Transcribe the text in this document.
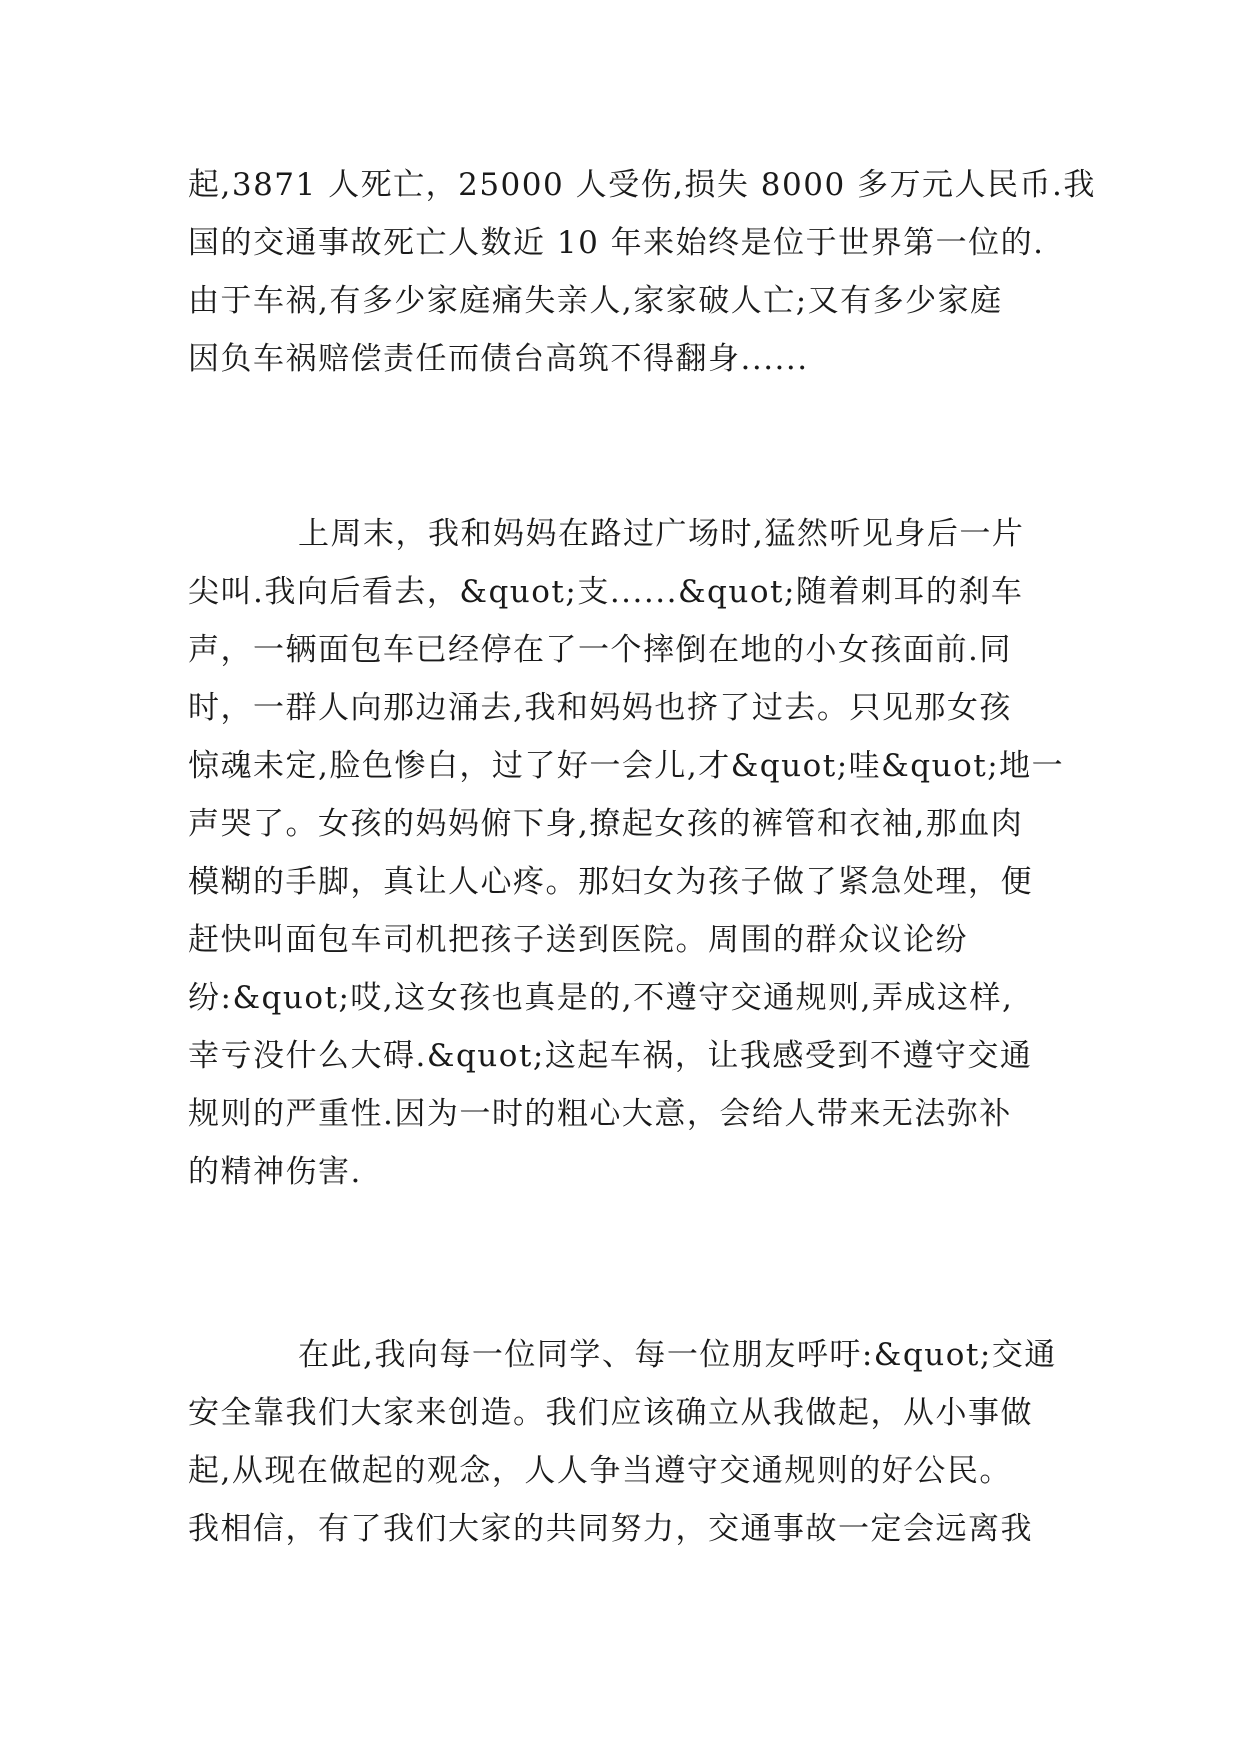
起,3871 人死亡，25000 人受伤,损失 8000 多万元人民币.我
国的交通事故死亡人数近 10 年来始终是位于世界第一位的.
由于车祸,有多少家庭痛失亲人,家家破人亡;又有多少家庭
因负车祸赔偿责任而债台高筑不得翻身......
上周末，我和妈妈在路过广场时,猛然听见身后一片
尖叫.我向后看去，&quot;支......&quot;随着刺耳的刹车
声，一辆面包车已经停在了一个摔倒在地的小女孩面前.同
时，一群人向那边涌去,我和妈妈也挤了过去。只见那女孩
惊魂未定,脸色惨白，过了好一会儿,才&quot;哇&quot;地一
声哭了。女孩的妈妈俯下身,撩起女孩的裤管和衣袖,那血肉
模糊的手脚，真让人心疼。那妇女为孩子做了紧急处理，便
赶快叫面包车司机把孩子送到医院。周围的群众议论纷
纷:&quot;哎,这女孩也真是的,不遵守交通规则,弄成这样,
幸亏没什么大碍.&quot;这起车祸，让我感受到不遵守交通
规则的严重性.因为一时的粗心大意，会给人带来无法弥补
的精神伤害.
在此,我向每一位同学、每一位朋友呼吁:&quot;交通
安全靠我们大家来创造。我们应该确立从我做起，从小事做
起,从现在做起的观念，人人争当遵守交通规则的好公民。
我相信，有了我们大家的共同努力，交通事故一定会远离我
